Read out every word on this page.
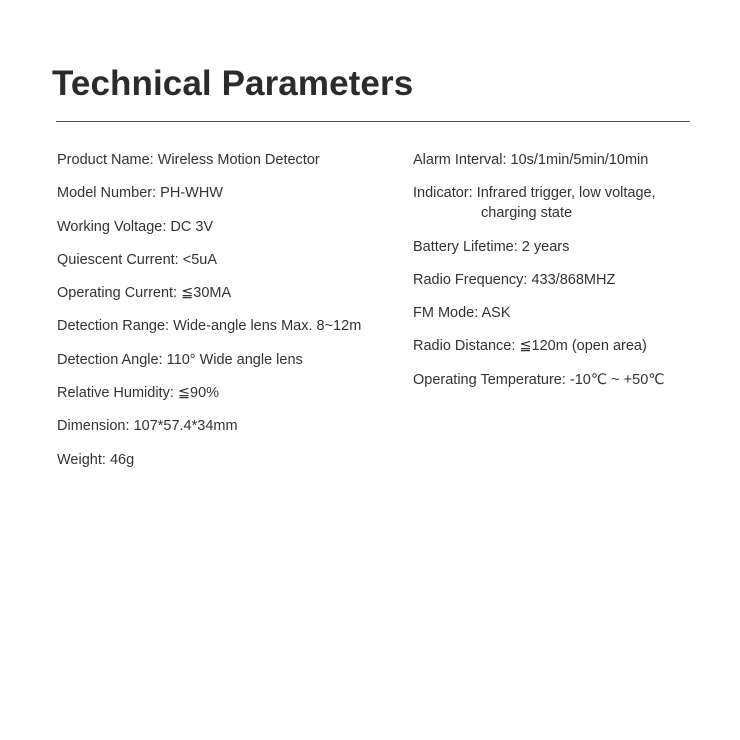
Technical Parameters
Product Name: Wireless Motion Detector
Model Number: PH-WHW
Working Voltage: DC 3V
Quiescent Current: <5uA
Operating Current: ≦30MA
Detection Range: Wide-angle lens Max. 8~12m
Detection Angle: 110° Wide angle lens
Relative Humidity: ≦90%
Dimension: 107*57.4*34mm
Weight: 46g
Alarm Interval: 10s/1min/5min/10min
Indicator: Infrared trigger, low voltage,
charging state
Battery Lifetime: 2 years
Radio Frequency: 433/868MHZ
FM Mode: ASK
Radio Distance: ≦120m (open area)
Operating Temperature: -10℃ ~ +50℃
